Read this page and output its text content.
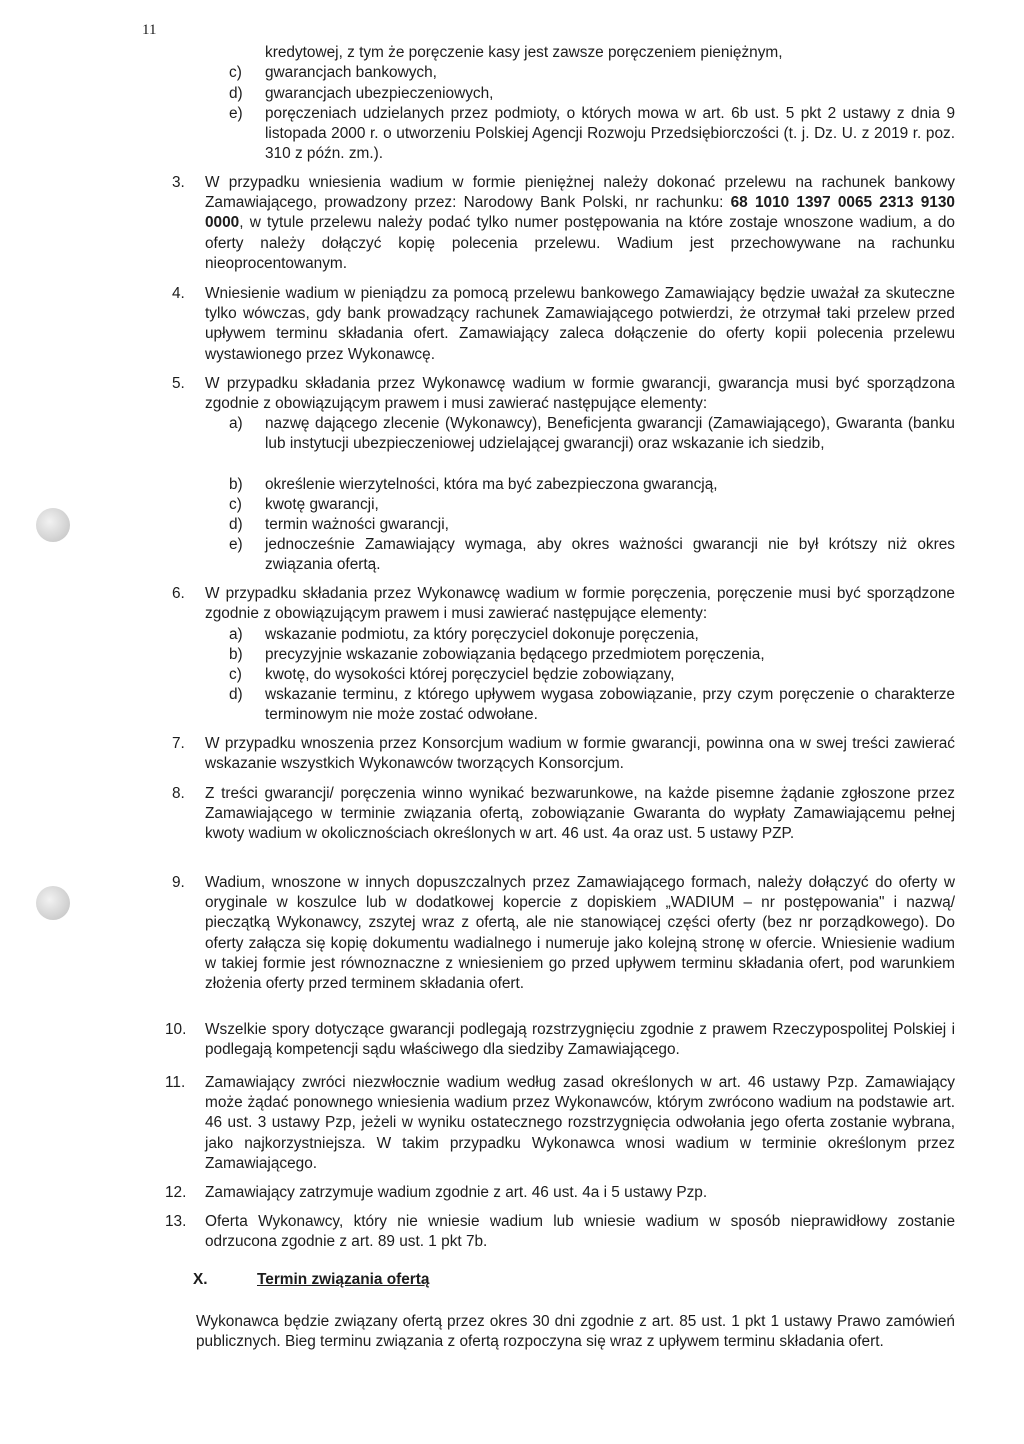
11
kredytowej, z tym że poręczenie kasy jest zawsze poręczeniem pieniężnym,
c) gwarancjach bankowych,
d) gwarancjach ubezpieczeniowych,
e) poręczeniach udzielanych przez podmioty, o których mowa w art. 6b ust. 5 pkt 2 ustawy z dnia 9 listopada 2000 r. o utworzeniu Polskiej Agencji Rozwoju Przedsiębiorczości (t. j. Dz. U. z 2019 r. poz. 310 z późn. zm.).
3. W przypadku wniesienia wadium w formie pieniężnej należy dokonać przelewu na rachunek bankowy Zamawiającego, prowadzony przez: Narodowy Bank Polski, nr rachunku: 68 1010 1397 0065 2313 9130 0000, w tytule przelewu należy podać tylko numer postępowania na które zostaje wnoszone wadium, a do oferty należy dołączyć kopię polecenia przelewu. Wadium jest przechowywane na rachunku nieoprocentowanym.
4. Wniesienie wadium w pieniądzu za pomocą przelewu bankowego Zamawiający będzie uważał za skuteczne tylko wówczas, gdy bank prowadzący rachunek Zamawiającego potwierdzi, że otrzymał taki przelew przed upływem terminu składania ofert. Zamawiający zaleca dołączenie do oferty kopii polecenia przelewu wystawionego przez Wykonawcę.
5. W przypadku składania przez Wykonawcę wadium w formie gwarancji, gwarancja musi być sporządzona zgodnie z obowiązującym prawem i musi zawierać następujące elementy:
a) nazwę dającego zlecenie (Wykonawcy), Beneficjenta gwarancji (Zamawiającego), Gwaranta (banku lub instytucji ubezpieczeniowej udzielającej gwarancji) oraz wskazanie ich siedzib,
b) określenie wierzytelności, która ma być zabezpieczona gwarancją,
c) kwotę gwarancji,
d) termin ważności gwarancji,
e) jednocześnie Zamawiający wymaga, aby okres ważności gwarancji nie był krótszy niż okres związania ofertą.
6. W przypadku składania przez Wykonawcę wadium w formie poręczenia, poręczenie musi być sporządzone zgodnie z obowiązującym prawem i musi zawierać następujące elementy:
a) wskazanie podmiotu, za który poręczyciel dokonuje poręczenia,
b) precyzyjnie wskazanie zobowiązania będącego przedmiotem poręczenia,
c) kwotę, do wysokości której poręczyciel będzie zobowiązany,
d) wskazanie terminu, z którego upływem wygasa zobowiązanie, przy czym poręczenie o charakterze terminowym nie może zostać odwołane.
7. W przypadku wnoszenia przez Konsorcjum wadium w formie gwarancji, powinna ona w swej treści zawierać wskazanie wszystkich Wykonawców tworzących Konsorcjum.
8. Z treści gwarancji/ poręczenia winno wynikać bezwarunkowe, na każde pisemne żądanie zgłoszone przez Zamawiającego w terminie związania ofertą, zobowiązanie Gwaranta do wypłaty Zamawiającemu pełnej kwoty wadium w okolicznościach określonych w art. 46 ust. 4a oraz ust. 5 ustawy PZP.
9. Wadium, wnoszone w innych dopuszczalnych przez Zamawiającego formach, należy dołączyć do oferty w oryginale w koszulce lub w dodatkowej kopercie z dopiskiem „WADIUM – nr postępowania" i nazwą/ pieczątką Wykonawcy, zszytej wraz z ofertą, ale nie stanowiącej części oferty (bez nr porządkowego). Do oferty załącza się kopię dokumentu wadialnego i numeruje jako kolejną stronę w ofercie. Wniesienie wadium w takiej formie jest równoznaczne z wniesieniem go przed upływem terminu składania ofert, pod warunkiem złożenia oferty przed terminem składania ofert.
10. Wszelkie spory dotyczące gwarancji podlegają rozstrzygnięciu zgodnie z prawem Rzeczypospolitej Polskiej i podlegają kompetencji sądu właściwego dla siedziby Zamawiającego.
11. Zamawiający zwróci niezwłocznie wadium według zasad określonych w art. 46 ustawy Pzp. Zamawiający może żądać ponownego wniesienia wadium przez Wykonawców, którym zwrócono wadium na podstawie art. 46 ust. 3 ustawy Pzp, jeżeli w wyniku ostatecznego rozstrzygnięcia odwołania jego oferta zostanie wybrana, jako najkorzystniejsza. W takim przypadku Wykonawca wnosi wadium w terminie określonym przez Zamawiającego.
12. Zamawiający zatrzymuje wadium zgodnie z art. 46 ust. 4a i 5 ustawy Pzp.
13. Oferta Wykonawcy, który nie wniesie wadium lub wniesie wadium w sposób nieprawidłowy zostanie odrzucona zgodnie z art. 89 ust. 1 pkt 7b.
X.	Termin związania ofertą
Wykonawca będzie związany ofertą przez okres 30 dni zgodnie z art. 85 ust. 1 pkt 1 ustawy Prawo zamówień publicznych. Bieg terminu związania z ofertą rozpoczyna się wraz z upływem terminu składania ofert.
